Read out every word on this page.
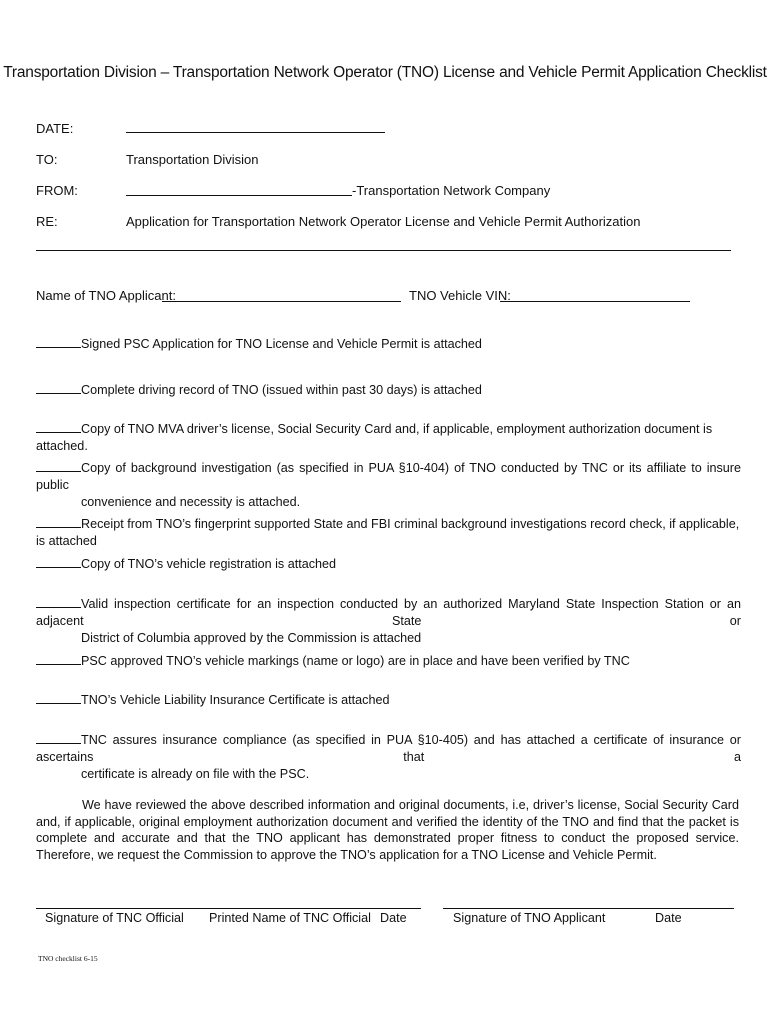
Transportation Division – Transportation Network Operator (TNO) License and Vehicle Permit Application Checklist
DATE:
TO:	Transportation Division
FROM:	-Transportation Network Company
RE:	Application for Transportation Network Operator License and Vehicle Permit Authorization
Name of TNO Applicant:	TNO Vehicle VIN:
Signed PSC Application for TNO License and Vehicle Permit is attached
Complete driving record of TNO (issued within past 30 days) is attached
Copy of TNO MVA driver’s license, Social Security Card and, if applicable, employment authorization document is attached.
Copy of background investigation (as specified in PUA §10-404) of TNO conducted by TNC or its affiliate to insure public
convenience and necessity is attached.
Receipt from TNO’s fingerprint supported State and FBI criminal background investigations record check, if applicable, is attached
Copy of TNO’s vehicle registration is attached
Valid inspection certificate for an inspection conducted by an authorized Maryland State Inspection Station or an adjacent State or
District of Columbia approved by the Commission is attached
PSC approved TNO’s vehicle markings (name or logo) are in place and have been verified by TNC
TNO’s Vehicle Liability Insurance Certificate is attached
TNC assures insurance compliance (as specified in PUA §10-405) and has attached a certificate of insurance or ascertains that a
certificate is already on file with the PSC.
We have reviewed the above described information and original documents, i.e, driver’s license, Social Security Card and, if applicable, original employment authorization document and verified the identity of the TNO and find that the packet is complete and accurate and that the TNO applicant has demonstrated proper fitness to conduct the proposed service. Therefore, we request the Commission to approve the TNO’s application for a TNO License and Vehicle Permit.
Signature of TNC Official Printed Name of TNC Official Date	Signature of TNO Applicant	Date
TNO checklist 6-15
